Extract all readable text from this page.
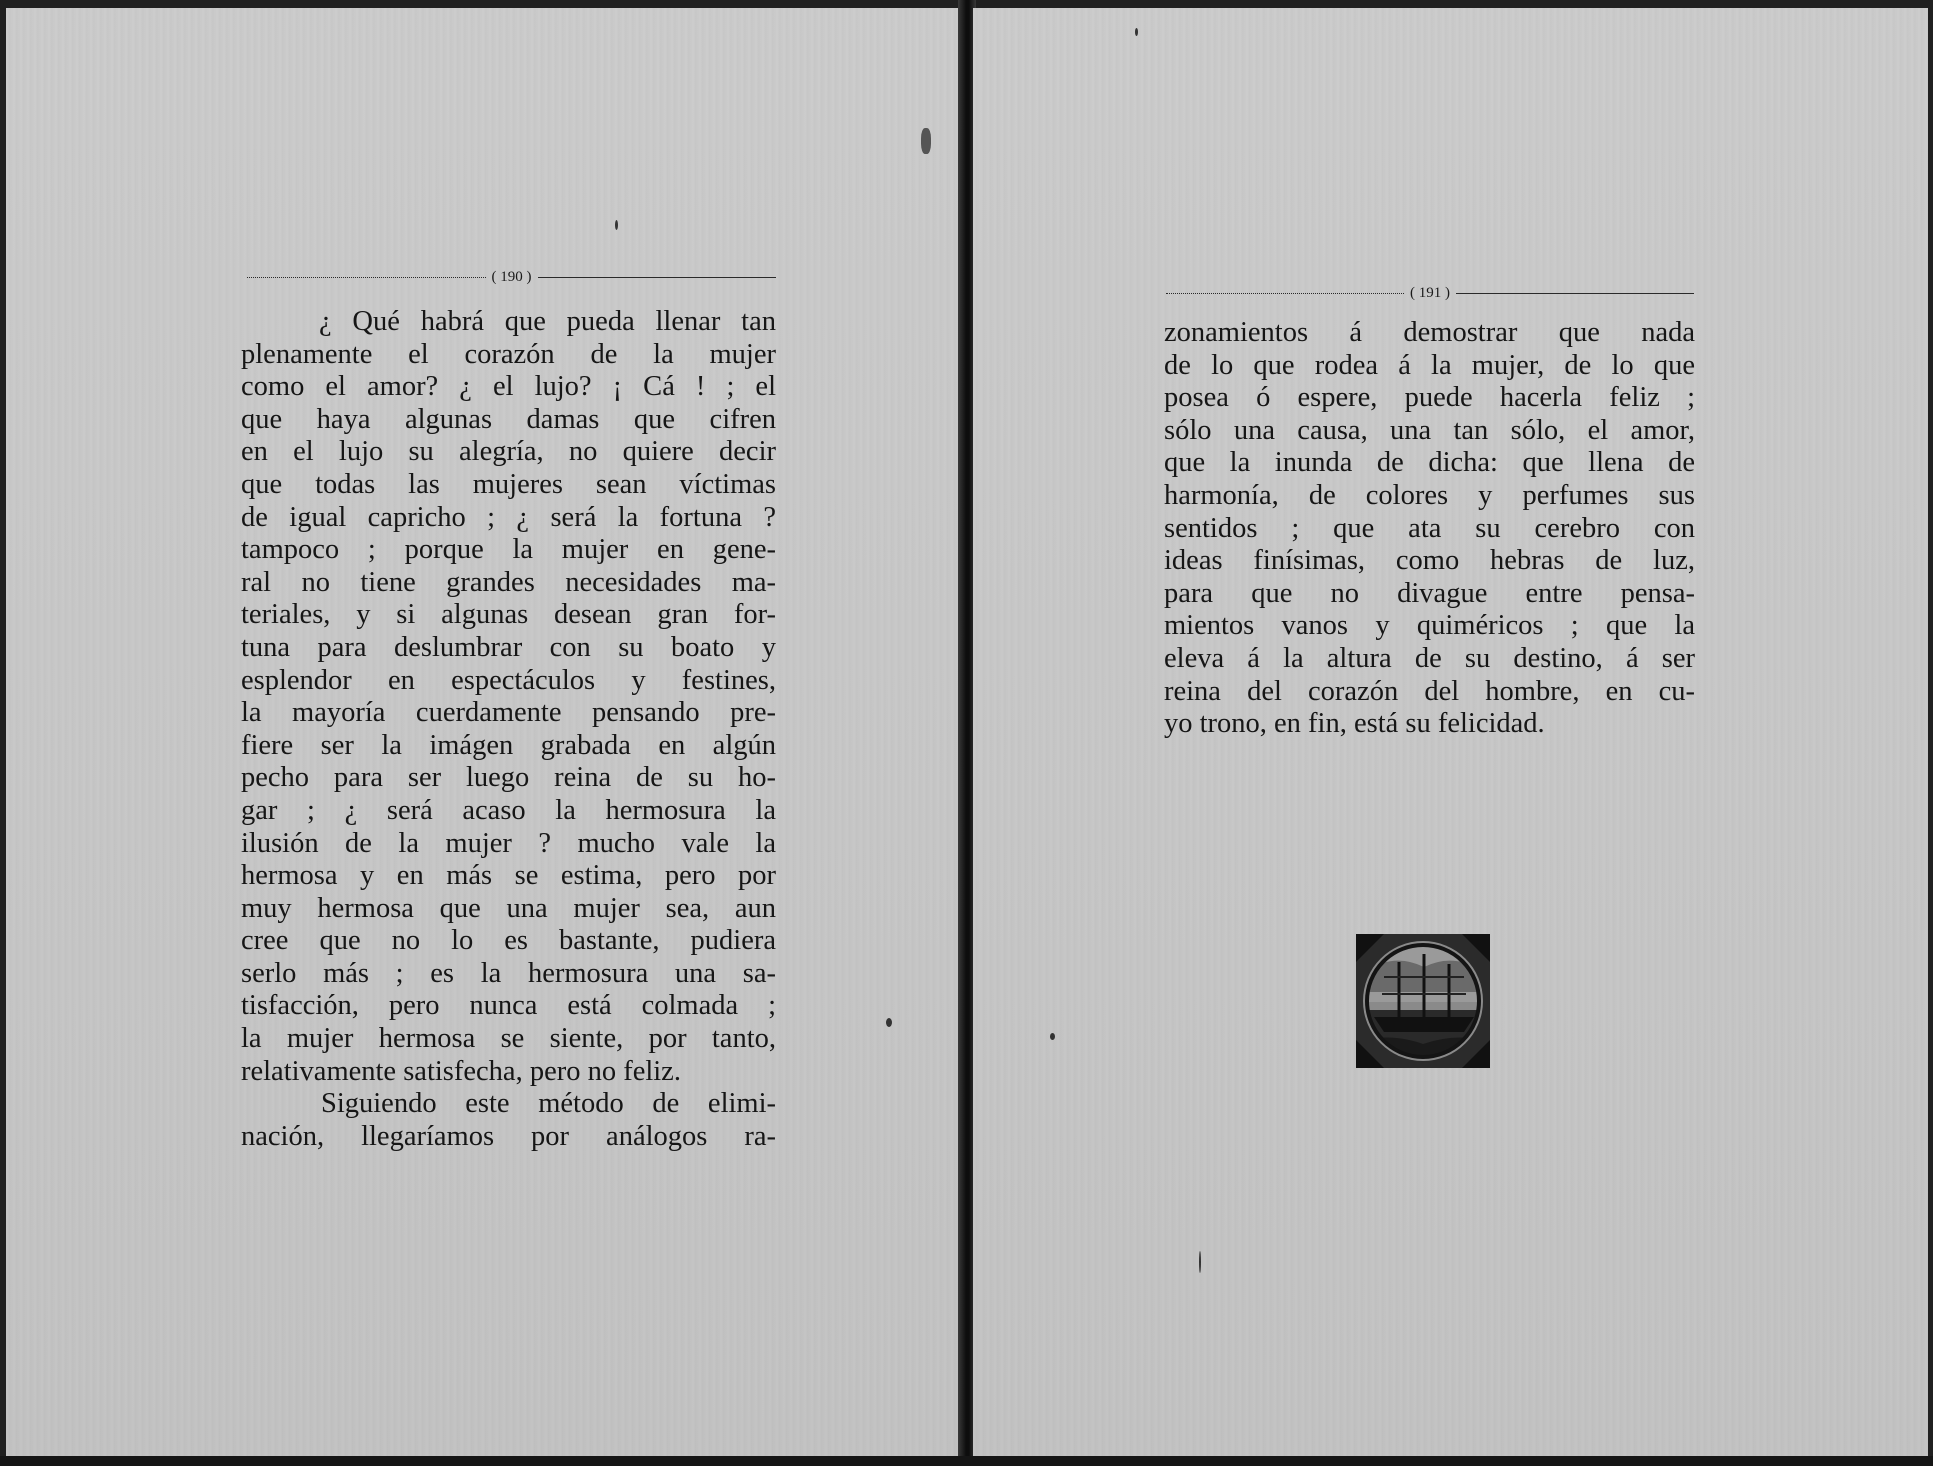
( 190 )
¿ Qué habrá que pueda llenar tan
plenamente el corazón de la mujer
como el amor? ¿ el lujo? ¡ Cá ! ; el
que haya algunas damas que cifren
en el lujo su alegría, no quiere decir
que todas las mujeres sean víctimas
de igual capricho ; ¿ será la fortuna ?
tampoco ; porque la mujer en gene-
ral no tiene grandes necesidades ma-
teriales, y si algunas desean gran for-
tuna para deslumbrar con su boato y
esplendor en espectáculos y festines,
la mayoría cuerdamente pensando pre-
fiere ser la imágen grabada en algún
pecho para ser luego reina de su ho-
gar ; ¿ será acaso la hermosura la
ilusión de la mujer ? mucho vale la
hermosa y en más se estima, pero por
muy hermosa que una mujer sea, aun
cree que no lo es bastante, pudiera
serlo más ; es la hermosura una sa-
tisfacción, pero nunca está colmada ;
la mujer hermosa se siente, por tanto,
relativamente satisfecha, pero no feliz.
Siguiendo este método de elimi-
nación, llegaríamos por análogos ra-
( 191 )
zonamientos á demostrar que nada
de lo que rodea á la mujer, de lo que
posea ó espere, puede hacerla feliz ;
sólo una causa, una tan sólo, el amor,
que la inunda de dicha: que llena de
harmonía, de colores y perfumes sus
sentidos ; que ata su cerebro con
ideas finísimas, como hebras de luz,
para que no divague entre pensa-
mientos vanos y quiméricos ; que la
eleva á la altura de su destino, á ser
reina del corazón del hombre, en cu-
yo trono, en fin, está su felicidad.
